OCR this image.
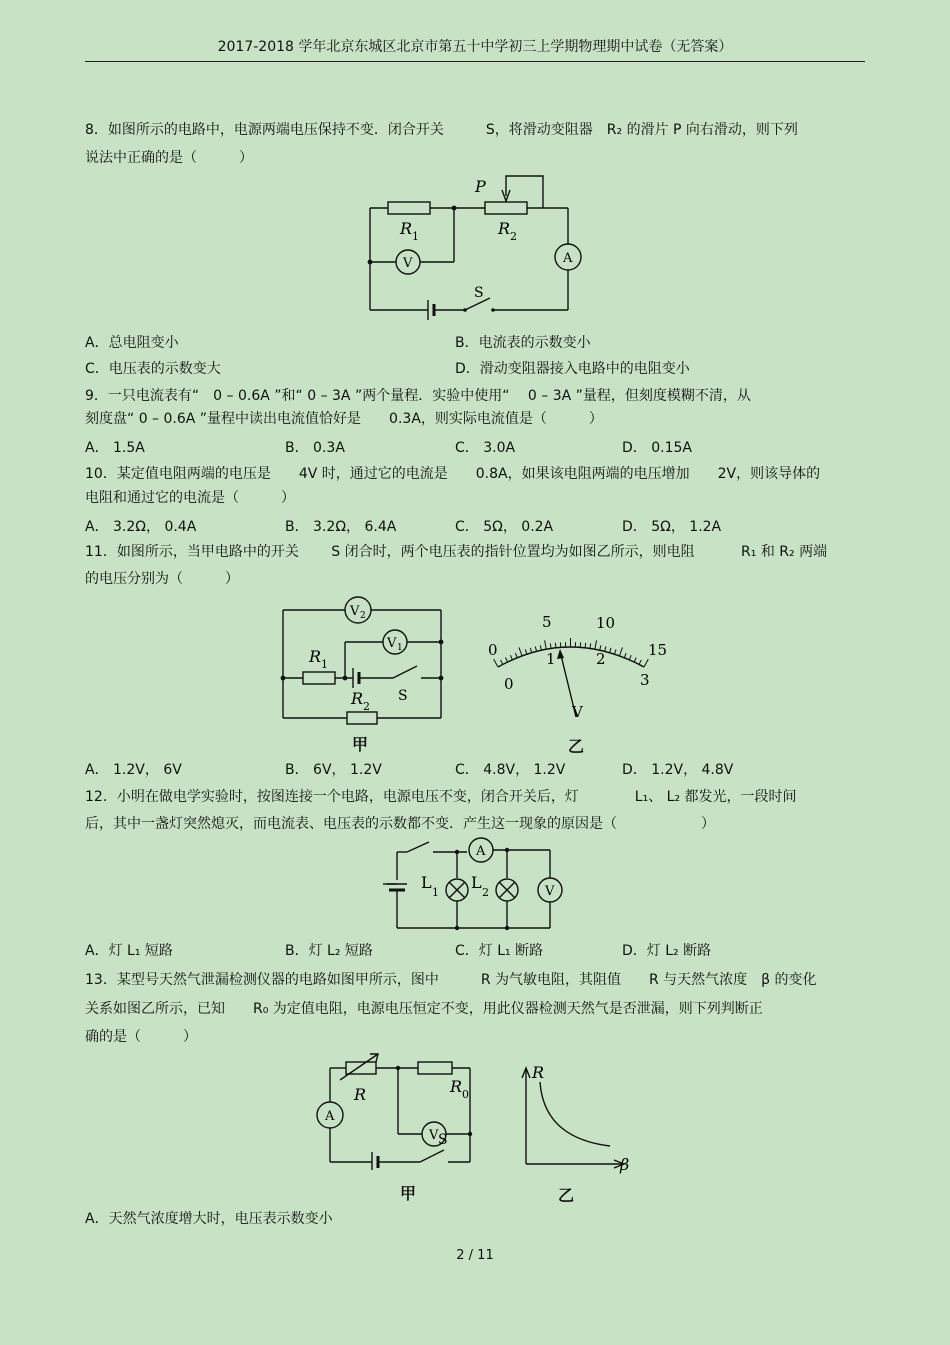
2017-2018 学年北京东城区北京市第五十中学初三上学期物理期中试卷（无答案）
8．如图所示的电路中，电源两端电压保持不变．闭合开关　　　S，将滑动变阻器　R₂ 的滑片 P 向右滑动，则下列
说法中正确的是（　　　）
P
R 1	R 2
V	A
S
A．总电阻变小	B．电流表的示数变小
C．电压表的示数变大	D．滑动变阻器接入电路中的电阻变小
9．一只电流表有“　0 – 0.6A ”和“ 0 – 3A ”两个量程．实验中使用“　 0 – 3A ”量程，但刻度模糊不清，从
刻度盘“ 0 – 0.6A ”量程中读出电流值恰好是　　0.3A，则实际电流值是（　　　）
A． 1.5A	B． 0.3A	C． 3.0A	D． 0.15A
10．某定值电阻两端的电压是　　4V 时，通过它的电流是　　0.8A，如果该电阻两端的电压增加　　2V，则该导体的
电阻和通过它的电流是（　　　）
A． 3.2Ω， 0.4A	B． 3.2Ω， 6.4A	C． 5Ω， 0.2A	D． 5Ω， 1.2A
11．如图所示，当甲电路中的开关　　 S 闭合时，两个电压表的指针位置均为如图乙所示，则电阻　　　 R₁ 和 R₂ 两端
的电压分别为（　　　）
V 2
V 1
R 1
R 2
S
0
5	10
15
0
1	2
3
V
甲	乙
A． 1.2V， 6V	B． 6V， 1.2V	C． 4.8V， 1.2V	D． 1.2V， 4.8V
12．小明在做电学实验时，按图连接一个电路，电源电压不变，闭合开关后，灯　　　　L₁、 L₂ 都发光，一段时间
后，其中一盏灯突然熄灭，而电流表、电压表的示数都不变．产生这一现象的原因是（　　　　　　）
A
L
1
L
2	V
A．灯 L₁ 短路	B．灯 L₂ 短路	C．灯 L₁ 断路	D．灯 L₂ 断路
13．某型号天然气泄漏检测仪器的电路如图甲所示，图中　　　R 为气敏电阻，其阻值　　R 与天然气浓度　β 的变化
关系如图乙所示，已知　　R₀ 为定值电阻，电源电压恒定不变，用此仪器检测天然气是否泄漏，则下列判断正
确的是（　　　）
R	R 0
A
V S
R
β
甲	乙
A．天然气浓度增大时，电压表示数变小
2 / 11
